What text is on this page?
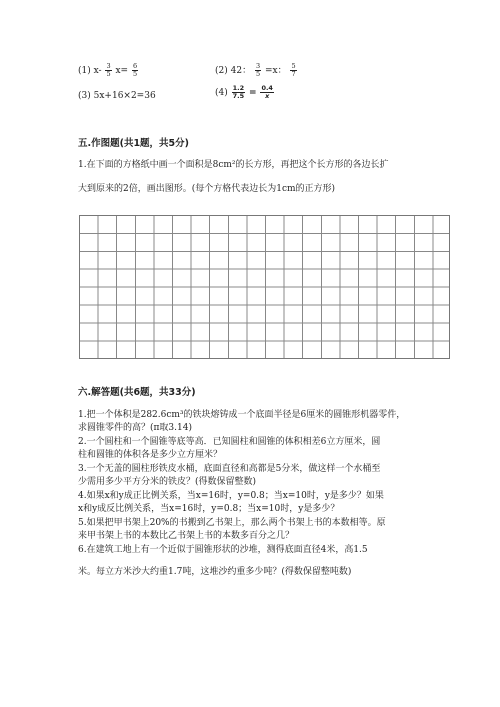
(1) $x- \frac{3}{5} x= \frac{6}{5}$	(2) 42： $\frac{3}{5} =x$： $\frac{5}{7}$
(3) 5x+16×2=36	$(4) \frac{1.2}{7.5} = \frac{0.4}{x}$
五.作图题(共1题，共5分)
1.在下面的方格纸中画一个面积是8cm²的长方形，再把这个长方形的各边长扩
大到原来的2倍，画出图形。(每个方格代表边长为1cm的正方形)
六.解答题(共6题，共33分)
1.把一个体积是282.6cm³的铁块熔铸成一个底面半径是6厘米的圆锥形机器零件，
求圆锥零件的高？(π取3.14)
2.一个圆柱和一个圆锥等底等高．已知圆柱和圆锥的体积相差6立方厘米，圆
柱和圆锥的体积各是多少立方厘米？
3.一个无盖的圆柱形铁皮水桶，底面直径和高都是5分米，做这样一个水桶至
少需用多少平方分米的铁皮？(得数保留整数)
4.如果x和y成正比例关系，当x=16时，y=0.8；当x=10时，y是多少？如果
x和y成反比例关系，当x=16时，y=0.8；当x=10时，y是多少？
5.如果把甲书架上20%的书搬到乙书架上，那么两个书架上书的本数相等。原
来甲书架上书的本数比乙书架上书的本数多百分之几？
6.在建筑工地上有一个近似于圆锥形状的沙堆，测得底面直径4米，高1.5
米。每立方米沙大约重1.7吨，这堆沙约重多少吨？(得数保留整吨数)
